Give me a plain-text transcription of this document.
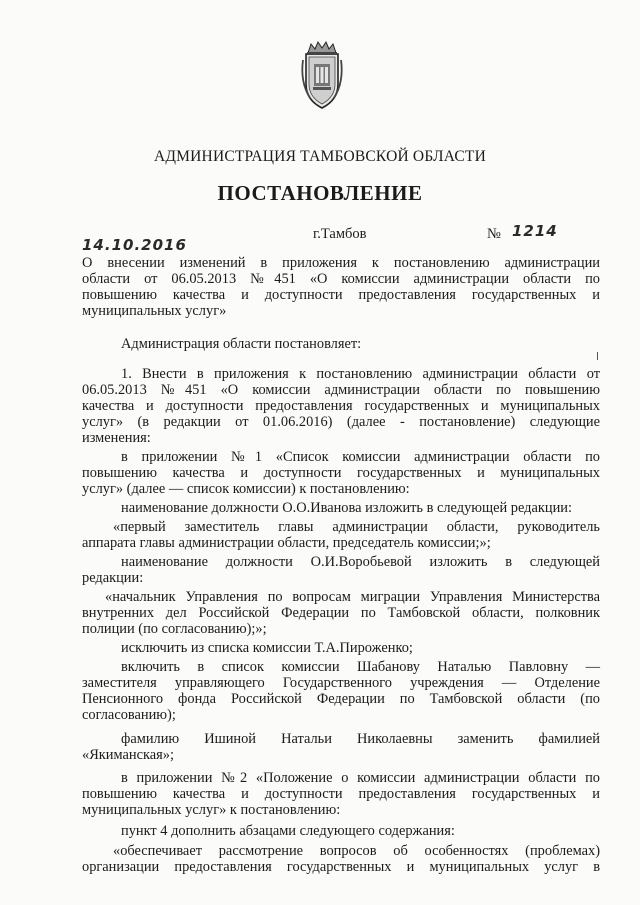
АДМИНИСТРАЦИЯ ТАМБОВСКОЙ ОБЛАСТИ
ПОСТАНОВЛЕНИЕ
14.10.2016
г.Тамбов	№ 1214
О внесении изменений в приложения к постановлению администрации
области от 06.05.2013 №451 «О комиссии администрации области по
повышению качества и доступности предоставления государственных и
муниципальных услуг»
Администрация области постановляет:
1. Внести в приложения к постановлению администрации области от
06.05.2013 №451 «О комиссии администрации области по повышению
качества и доступности предоставления государственных и муниципальных
услуг» (в редакции от 01.06.2016) (далее - постановление) следующие
изменения:
в приложении №1 «Список комиссии администрации области по
повышению качества и доступности государственных и муниципальных
услуг» (далее — список комиссии) к постановлению:
наименование должности О.О.Иванова изложить в следующей редакции:
«первый заместитель главы администрации области, руководитель
аппарата главы администрации области, председатель комиссии;»;
наименование должности О.И.Воробьевой изложить в следующей
редакции:
«начальник Управления по вопросам миграции Управления Министерства
внутренних дел Российской Федерации по Тамбовской области, полковник
полиции (по согласованию);»;
исключить из списка комиссии Т.А.Пироженко;
включить в список комиссии Шабанову Наталью Павловну —
заместителя управляющего Государственного учреждения — Отделение
Пенсионного фонда Российской Федерации по Тамбовской области (по
согласованию);
фамилию Ишиной Натальи Николаевны заменить фамилией
«Якиманская»;
в приложении №2 «Положение о комиссии администрации области по
повышению качества и доступности предоставления государственных и
муниципальных услуг» к постановлению:
пункт 4 дополнить абзацами следующего содержания:
«обеспечивает рассмотрение вопросов об особенностях (проблемах)
организации предоставления государственных и муниципальных услуг в
